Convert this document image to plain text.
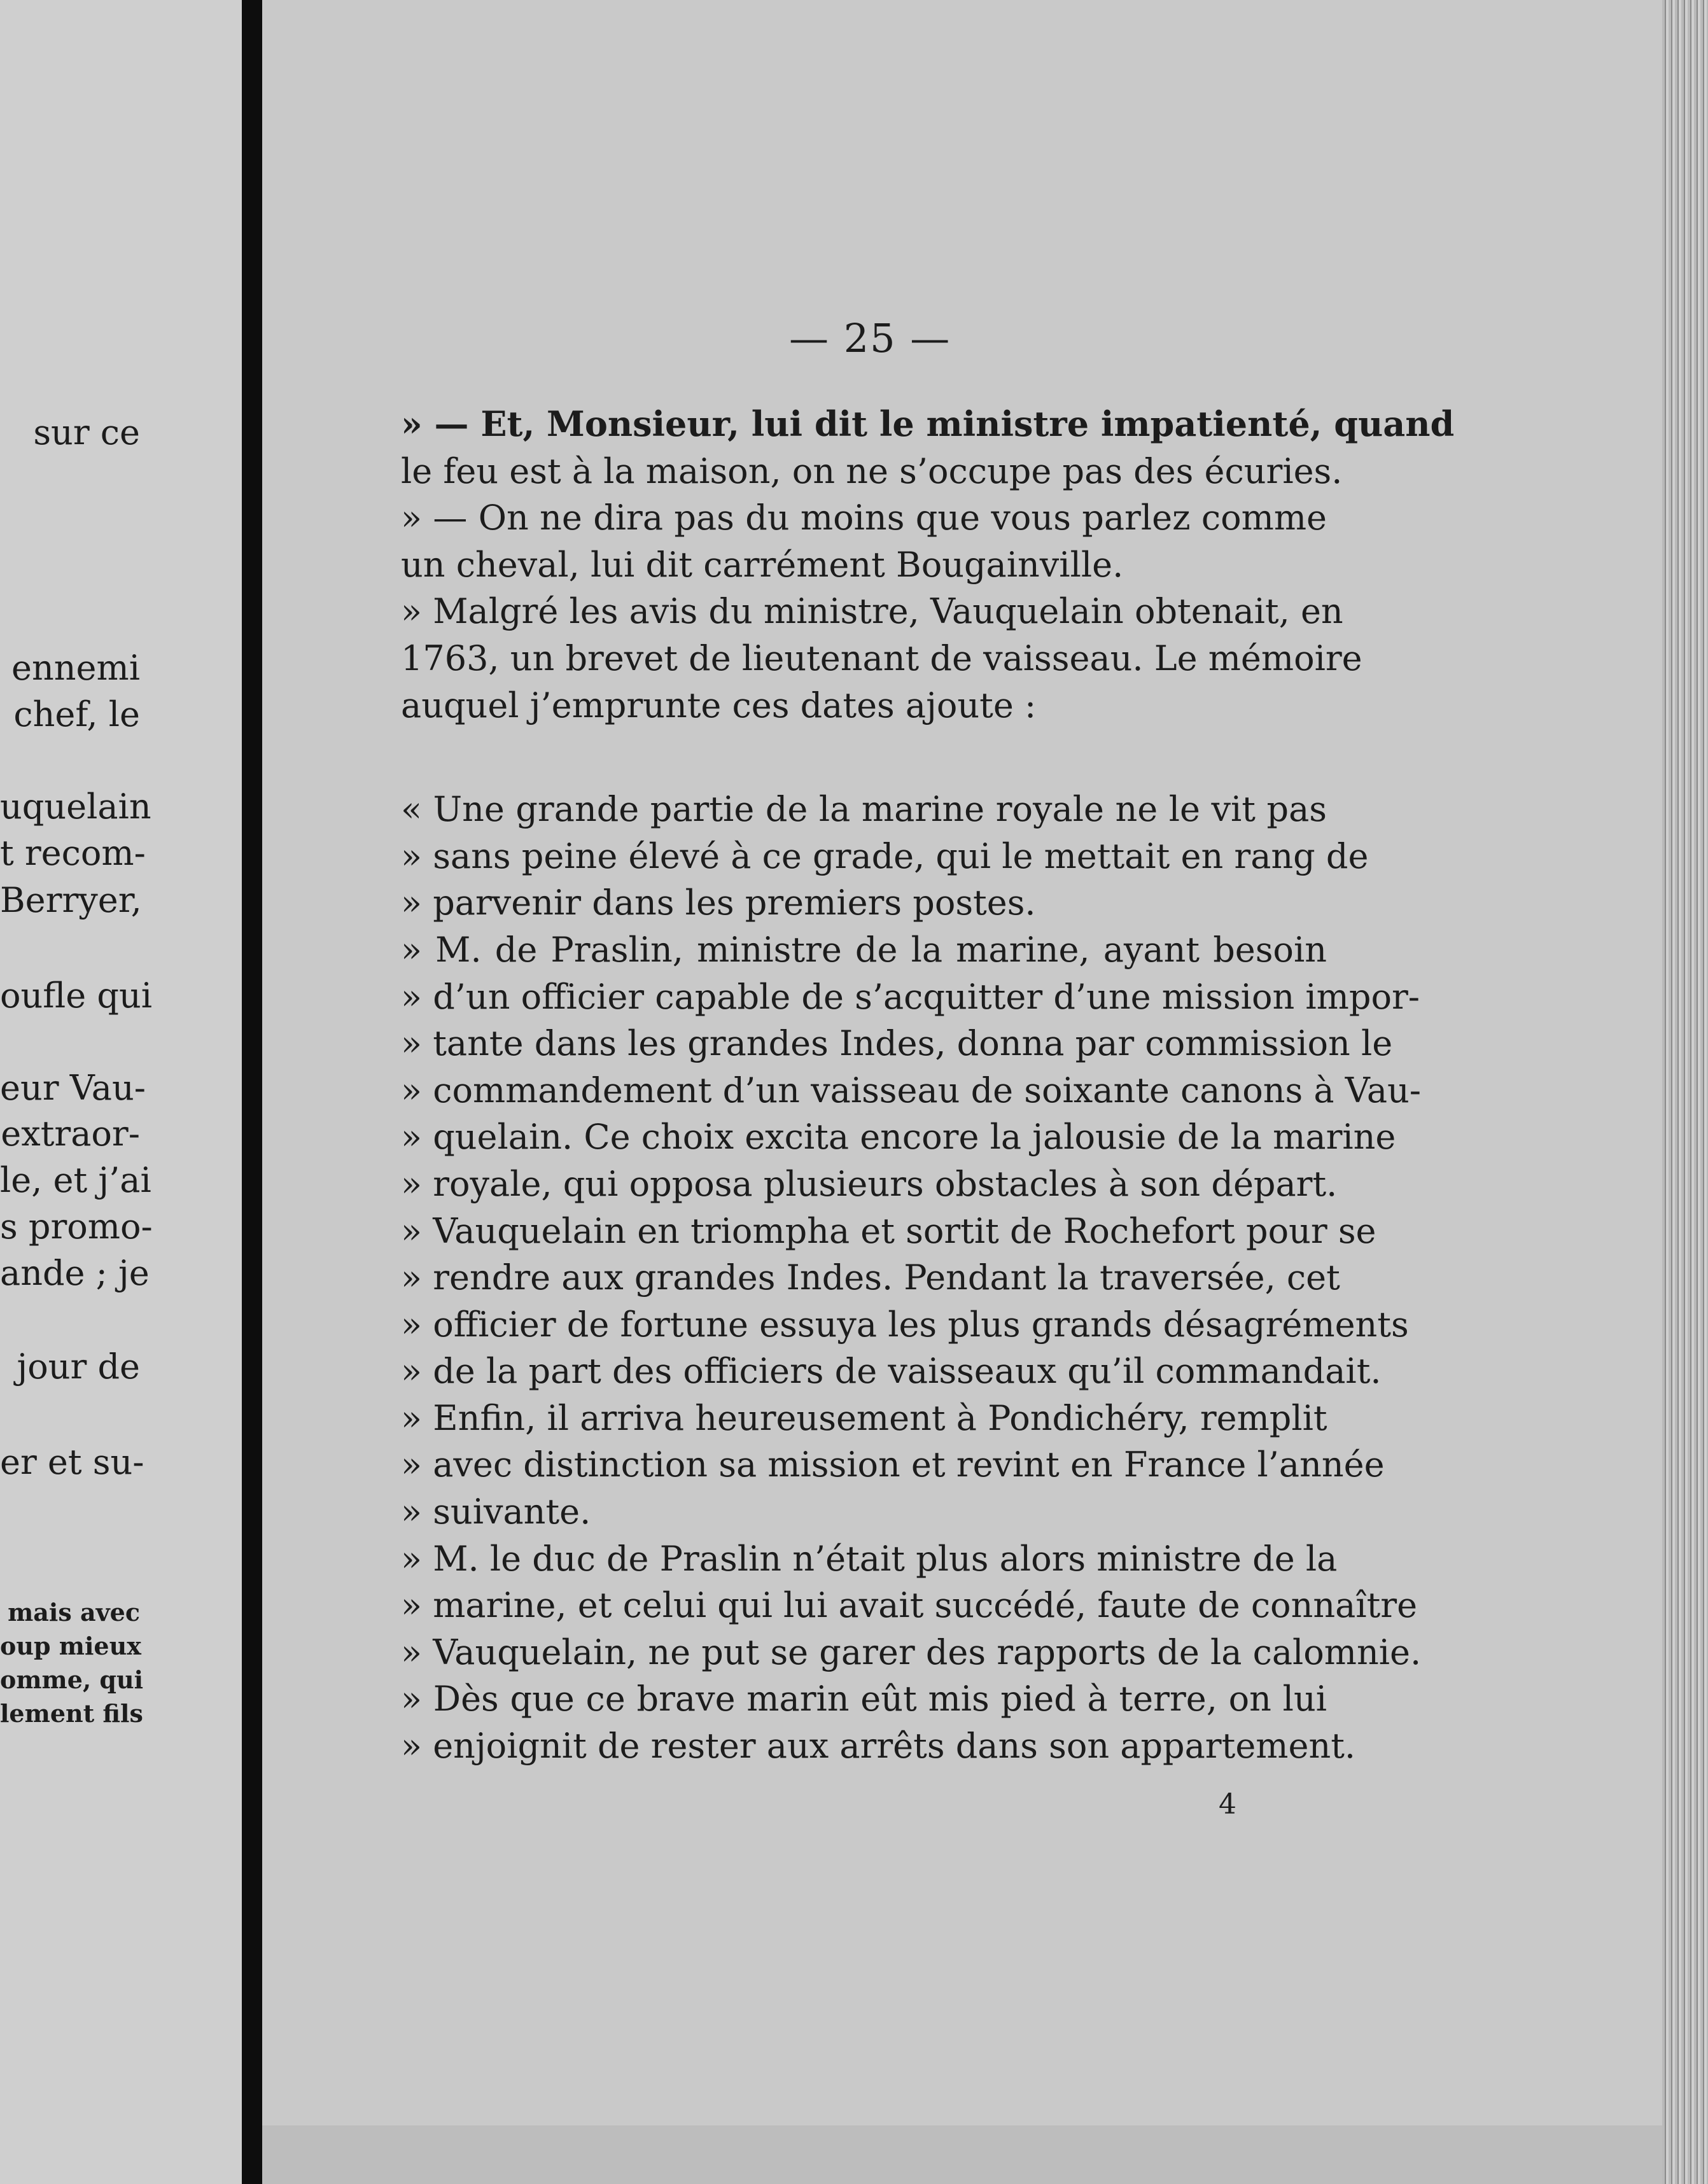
sur ce
ennemi
chef, le
uquelain
t recom-
Berryer,
oufle qui
eur Vau-
extraor-
le, et j’ai
s promo-
ande ; je
jour de
er et su-
mais avec
oup mieux
omme, qui
lement fils
— 25 —
» — Et, Monsieur, lui dit le ministre impatienté, quand
le feu est à la maison, on ne s’occupe pas des écuries.
» — On ne dira pas du moins que vous parlez comme
un cheval, lui dit carrément Bougainville.
» Malgré les avis du ministre, Vauquelain obtenait, en
1763, un brevet de lieutenant de vaisseau. Le mémoire
auquel j’emprunte ces dates ajoute :
« Une grande partie de la marine royale ne le vit pas
» sans peine élevé à ce grade, qui le mettait en rang de
» parvenir dans les premiers postes.
» M. de Praslin, ministre de la marine, ayant besoin
» d’un officier capable de s’acquitter d’une mission impor-
» tante dans les grandes Indes, donna par commission le
» commandement d’un vaisseau de soixante canons à Vau-
» quelain. Ce choix excita encore la jalousie de la marine
» royale, qui opposa plusieurs obstacles à son départ.
» Vauquelain en triompha et sortit de Rochefort pour se
» rendre aux grandes Indes. Pendant la traversée, cet
» officier de fortune essuya les plus grands désagréments
» de la part des officiers de vaisseaux qu’il commandait.
» Enfin, il arriva heureusement à Pondichéry, remplit
» avec distinction sa mission et revint en France l’année
» suivante.
» M. le duc de Praslin n’était plus alors ministre de la
» marine, et celui qui lui avait succédé, faute de connaître
» Vauquelain, ne put se garer des rapports de la calomnie.
» Dès que ce brave marin eût mis pied à terre, on lui
» enjoignit de rester aux arrêts dans son appartement.
4
